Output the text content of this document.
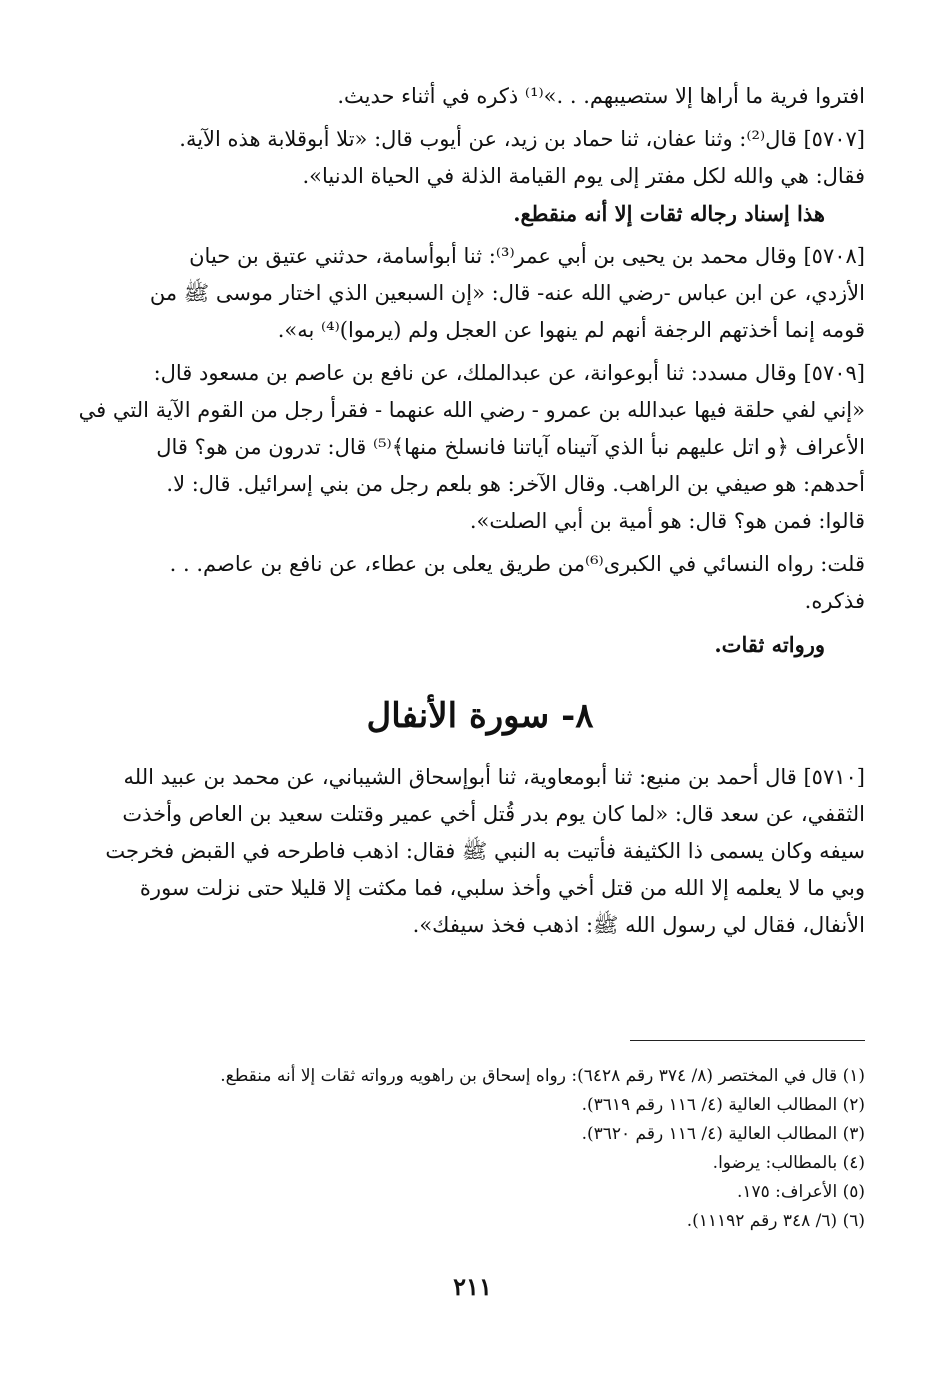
افتروا فرية ما أراها إلا ستصيبهم. . .»⁽¹⁾ ذكره في أثناء حديث.
[٥٧٠٧] قال⁽²⁾: وثنا عفان، ثنا حماد بن زيد، عن أيوب قال: «تلا أبوقلابة هذه الآية.
فقال: هي والله لكل مفتر إلى يوم القيامة الذلة في الحياة الدنيا».
هذا إسناد رجاله ثقات إلا أنه منقطع.
[٥٧٠٨] وقال محمد بن يحيى بن أبي عمر⁽³⁾: ثنا أبوأسامة، حدثني عتيق بن حيان
الأزدي، عن ابن عباس -رضي الله عنه- قال: «إن السبعين الذي اختار موسى ﷺ من
قومه إنما أخذتهم الرجفة أنهم لم ينهوا عن العجل ولم (يرموا)⁽⁴⁾ به».
[٥٧٠٩] وقال مسدد: ثنا أبوعوانة، عن عبدالملك، عن نافع بن عاصم بن مسعود قال:
«إني لفي حلقة فيها عبدالله بن عمرو - رضي الله عنهما - فقرأ رجل من القوم الآية التي في
الأعراف ﴿و اتل عليهم نبأ الذي آتيناه آياتنا فانسلخ منها﴾⁽⁵⁾ قال: تدرون من هو؟ قال
أحدهم: هو صيفي بن الراهب. وقال الآخر: هو بلعم رجل من بني إسرائيل. قال: لا.
قالوا: فمن هو؟ قال: هو أمية بن أبي الصلت».
قلت: رواه النسائي في الكبرى⁽⁶⁾من طريق يعلى بن عطاء، عن نافع بن عاصم. . .
فذكره.
ورواته ثقات.
٨- سورة الأنفال
[٥٧١٠] قال أحمد بن منيع: ثنا أبومعاوية، ثنا أبوإسحاق الشيباني، عن محمد بن عبيد الله
الثقفي، عن سعد قال: «لما كان يوم بدر قُتل أخي عمير وقتلت سعيد بن العاص وأخذت
سيفه وكان يسمى ذا الكثيفة فأتيت به النبي ﷺ فقال: اذهب فاطرحه في القبض فخرجت
وبي ما لا يعلمه إلا الله من قتل أخي وأخذ سلبي، فما مكثت إلا قليلا حتى نزلت سورة
الأنفال، فقال لي رسول الله ﷺ: اذهب فخذ سيفك».
(١) قال في المختصر (٨/ ٣٧٤ رقم ٦٤٢٨): رواه إسحاق بن راهويه ورواته ثقات إلا أنه منقطع.
(٢) المطالب العالية (٤/ ١١٦ رقم ٣٦١٩).
(٣) المطالب العالية (٤/ ١١٦ رقم ٣٦٢٠).
(٤) بالمطالب: يرضوا.
(٥) الأعراف: ١٧٥.
(٦) (٦/ ٣٤٨ رقم ١١١٩٢).
٢١١
